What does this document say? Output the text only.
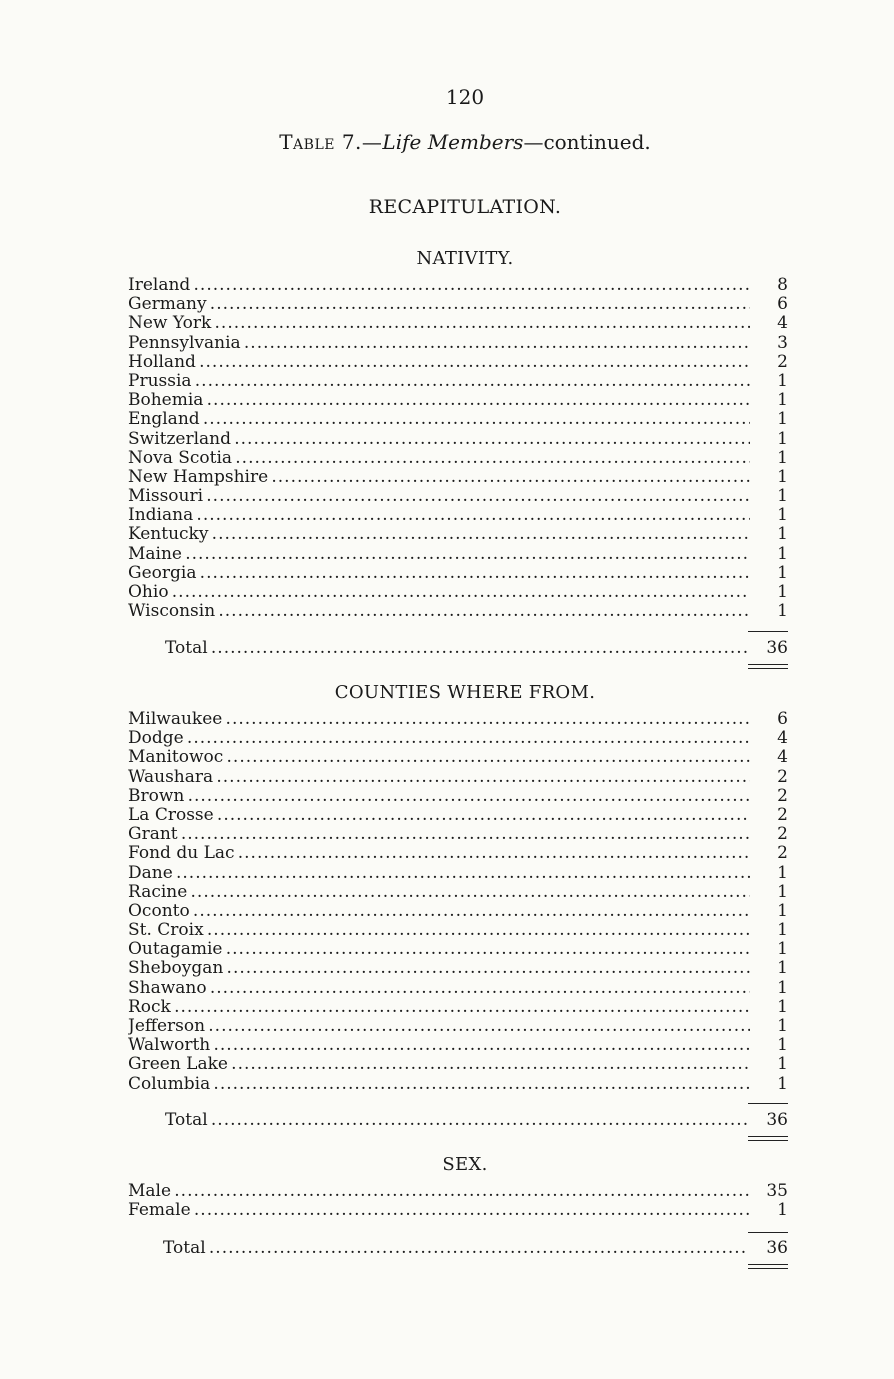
120
Table 7.—Life Members—continued.
RECAPITULATION.
NATIVITY.
Ireland . . .	8
Germany . . .	6
New York . . .	4
Pennsylvania . . .	3
Holland . . .	2
Prussia . . .	1
Bohemia . . .	1
England . . .	1
Switzerland . . .	1
Nova Scotia . . .	1
New Hampshire . . .	1
Missouri . . .	1
Indiana . . .	1
Kentucky . . .	1
Maine . . .	1
Georgia . . .	1
Ohio . . .	1
Wisconsin . . .	1
Total . . .	36
COUNTIES WHERE FROM.
Milwaukee . . .	6
Dodge . . .	4
Manitowoc . . .	4
Waushara . . .	2
Brown . . .	2
La Crosse . . .	2
Grant . . .	2
Fond du Lac . . .	2
Dane . . .	1
Racine . . .	1
Oconto . . .	1
St. Croix . . .	1
Outagamie . . .	1
Sheboygan . . .	1
Shawano . . .	1
Rock . . .	1
Jefferson . . .	1
Walworth . . .	1
Green Lake . . .	1
Columbia . . .	1
Total . . .	36
SEX.
Male . . .	35
Female . . .	1
Total . . .	36
